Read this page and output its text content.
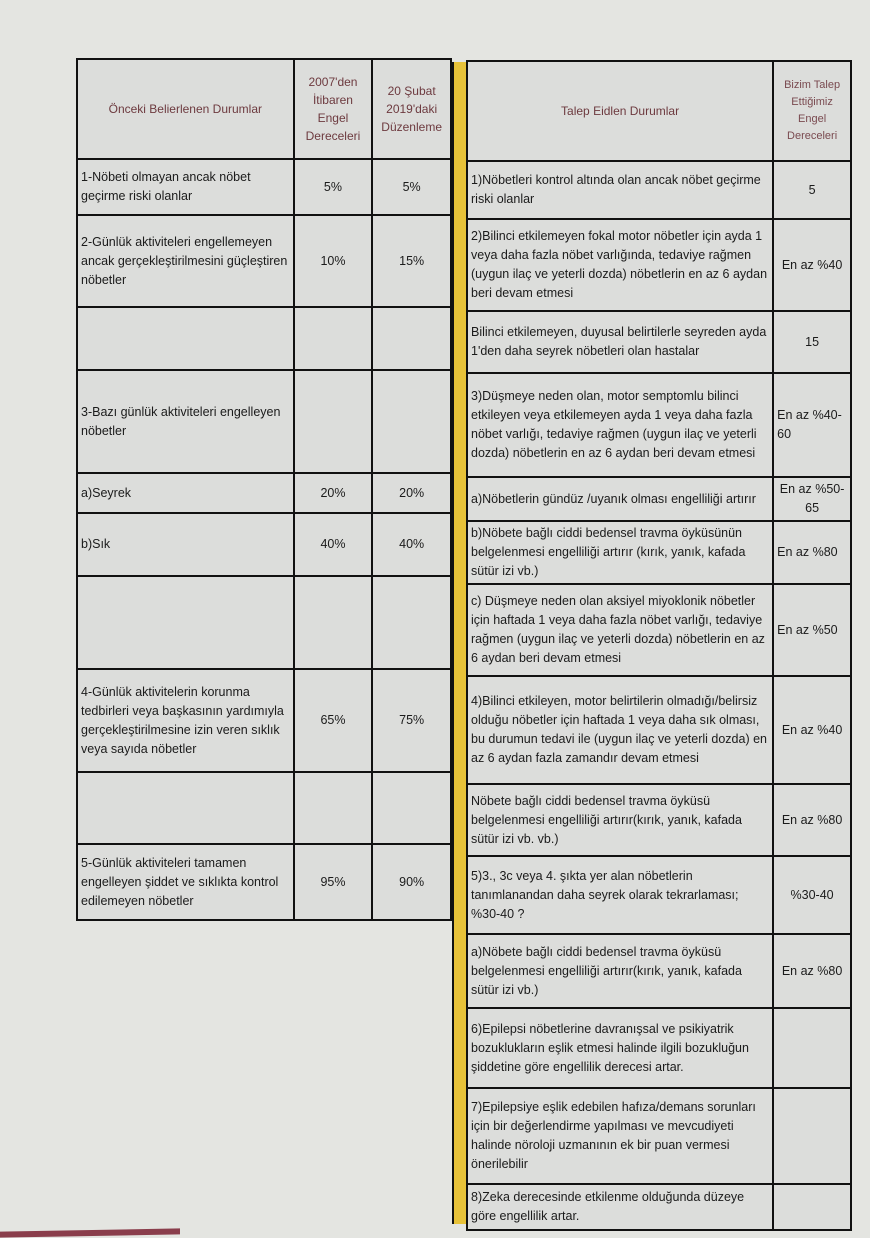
Önceki Belierlenen Durumlar	2007'den İtibaren Engel Dereceleri	20 Şubat 2019'daki Düzenleme
1-Nöbeti olmayan ancak nöbet geçirme riski olanlar	5%	5%
2-Günlük aktiviteleri engellemeyen ancak gerçekleştirilmesini güçleştiren nöbetler	10%	15%

3-Bazı günlük aktiviteleri engelleyen nöbetler		
a)Seyrek	20%	20%
b)Sık	40%	40%

4-Günlük aktivitelerin korunma tedbirleri veya başkasının yardımıyla gerçekleştirilmesine izin veren sıklık veya sayıda nöbetler	65%	75%

5-Günlük aktiviteleri tamamen engelleyen şiddet ve sıklıkta kontrol edilemeyen nöbetler	95%	90%
Talep Eidlen Durumlar	Bizim Talep Ettiğimiz Engel Dereceleri
1)Nöbetleri kontrol altında olan ancak nöbet geçirme riski olanlar	5
2)Bilinci etkilemeyen fokal motor nöbetler için ayda 1 veya daha fazla nöbet varlığında, tedaviye rağmen (uygun ilaç ve yeterli dozda) nöbetlerin en az 6 aydan beri devam etmesi	En az %40
Bilinci etkilemeyen, duyusal belirtilerle seyreden ayda 1'den daha seyrek nöbetleri olan hastalar	15
3)Düşmeye neden olan, motor semptomlu bilinci etkileyen veya etkilemeyen ayda 1 veya daha fazla nöbet varlığı, tedaviye rağmen (uygun ilaç ve yeterli dozda) nöbetlerin en az 6 aydan beri devam etmesi	En az %40-60
a)Nöbetlerin gündüz /uyanık olması engelliliği artırır	En az %50-65
b)Nöbete bağlı ciddi bedensel travma öyküsünün belgelenmesi engelliliği artırır (kırık, yanık, kafada sütür izi vb.)	En az %80
c) Düşmeye neden olan aksiyel miyoklonik nöbetler için haftada 1 veya daha fazla nöbet varlığı, tedaviye rağmen (uygun ilaç ve yeterli dozda) nöbetlerin en az 6 aydan beri devam etmesi	En az %50
4)Bilinci etkileyen, motor belirtilerin olmadığı/belirsiz olduğu nöbetler için haftada 1 veya daha sık olması, bu durumun tedavi ile (uygun ilaç ve yeterli dozda) en az 6 aydan fazla zamandır devam etmesi	En az %40
Nöbete bağlı ciddi bedensel travma öyküsü belgelenmesi engelliliği artırır(kırık, yanık, kafada sütür izi vb. vb.)	En az %80
5)3., 3c veya 4. şıkta yer alan nöbetlerin tanımlanandan daha seyrek olarak tekrarlaması; %30-40 ?	%30-40
a)Nöbete bağlı ciddi bedensel travma öyküsü belgelenmesi engelliliği artırır(kırık, yanık, kafada sütür izi vb.)	En az %80
6)Epilepsi nöbetlerine davranışsal ve psikiyatrik bozuklukların eşlik etmesi halinde ilgili bozukluğun şiddetine göre engellilik derecesi artar.	
7)Epilepsiye eşlik edebilen hafıza/demans sorunları için bir değerlendirme yapılması ve mevcudiyeti halinde nöroloji uzmanının ek bir puan vermesi önerilebilir	
8)Zeka derecesinde etkilenme olduğunda düzeye göre engellilik artar.	
